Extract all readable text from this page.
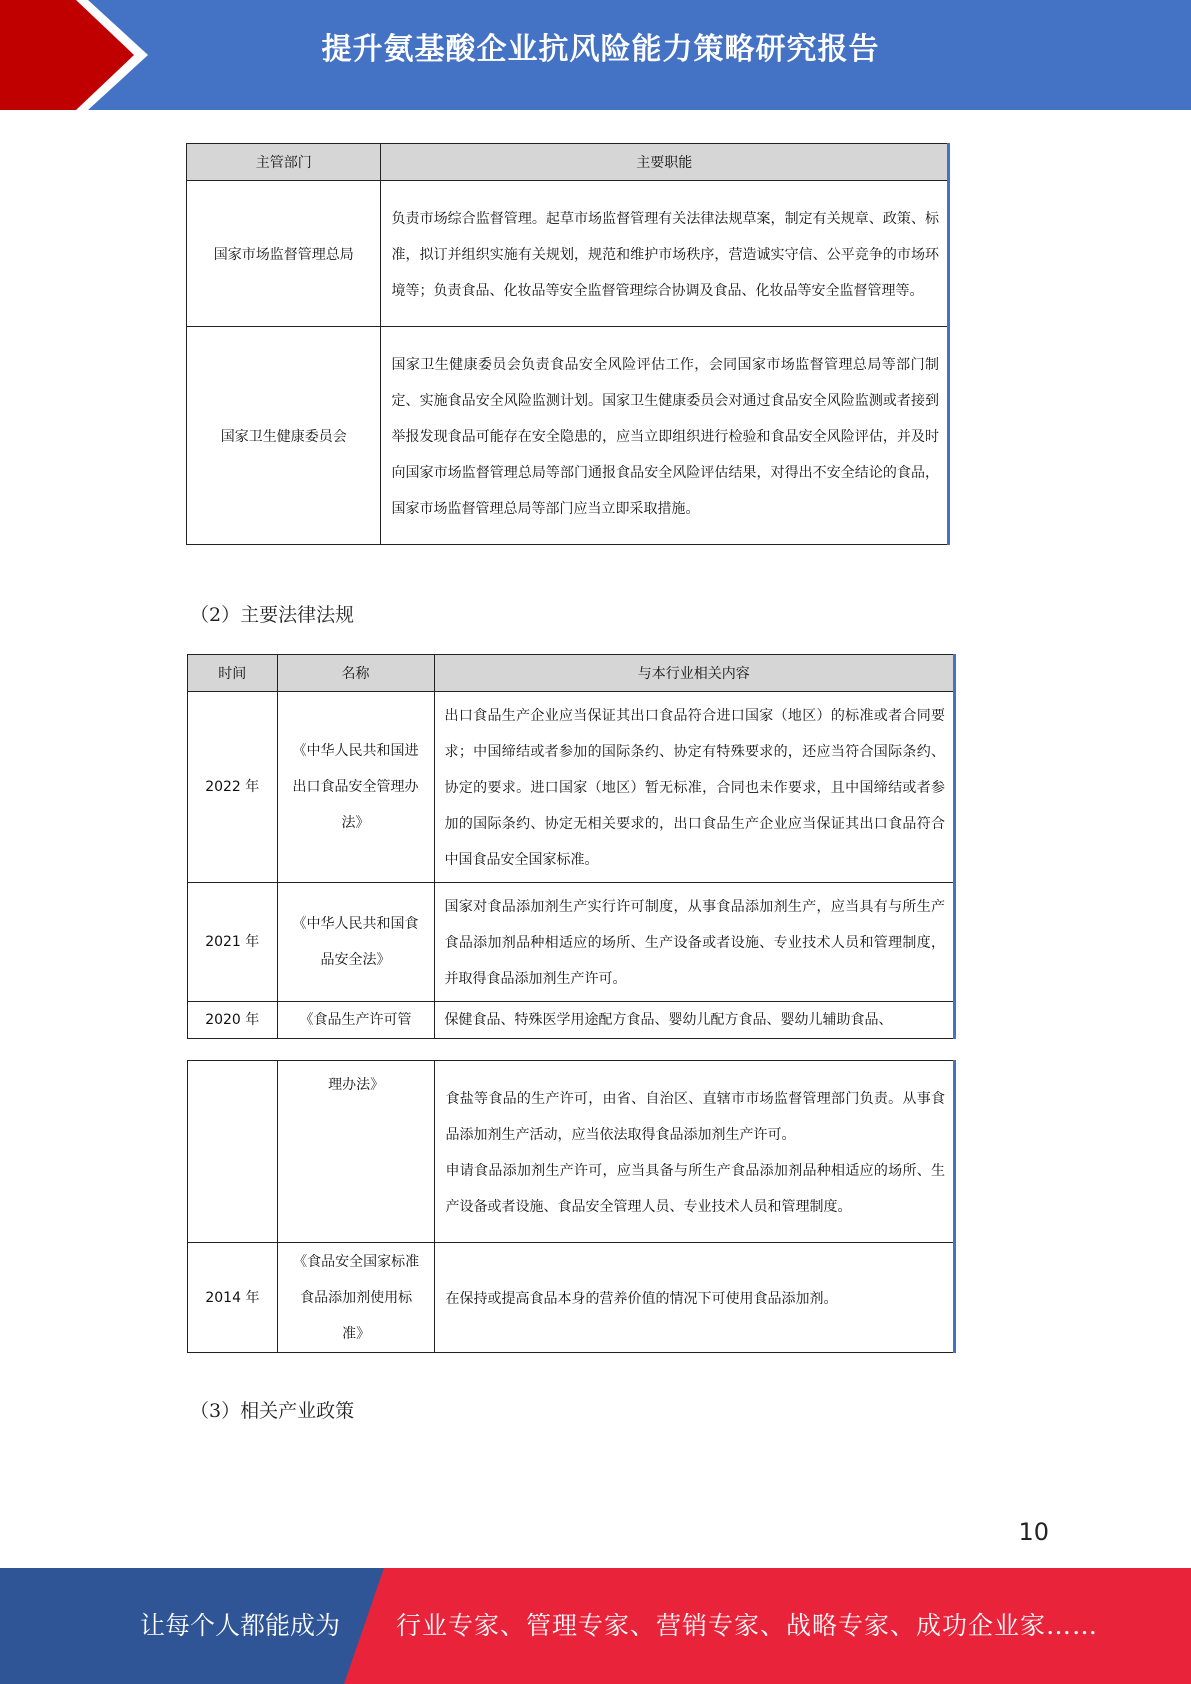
提升氨基酸企业抗风险能力策略研究报告
主管部门	主要职能
国家市场监督管理总局	负责市场综合监督管理。起草市场监督管理有关法律法规草案，制定有关规章、政策、标准，拟订并组织实施有关规划，规范和维护市场秩序，营造诚实守信、公平竞争的市场环境等；负责食品、化妆品等安全监督管理综合协调及食品、化妆品等安全监督管理等。
国家卫生健康委员会	国家卫生健康委员会负责食品安全风险评估工作，会同国家市场监督管理总局等部门制定、实施食品安全风险监测计划。国家卫生健康委员会对通过食品安全风险监测或者接到举报发现食品可能存在安全隐患的，应当立即组织进行检验和食品安全风险评估，并及时向国家市场监督管理总局等部门通报食品安全风险评估结果，对得出不安全结论的食品，国家市场监督管理总局等部门应当立即采取措施。
（2）主要法律法规
时间	名称	与本行业相关内容
2022 年	《中华人民共和国进出口食品安全管理办法》	出口食品生产企业应当保证其出口食品符合进口国家（地区）的标准或者合同要求；中国缔结或者参加的国际条约、协定有特殊要求的，还应当符合国际条约、协定的要求。进口国家（地区）暂无标准，合同也未作要求，且中国缔结或者参加的国际条约、协定无相关要求的，出口食品生产企业应当保证其出口食品符合中国食品安全国家标准。
2021 年	《中华人民共和国食品安全法》	国家对食品添加剂生产实行许可制度，从事食品添加剂生产，应当具有与所生产食品添加剂品种相适应的场所、生产设备或者设施、专业技术人员和管理制度，并取得食品添加剂生产许可。
2020 年	《食品生产许可管	保健食品、特殊医学用途配方食品、婴幼儿配方食品、婴幼儿辅助食品、
	理办法》	食盐等食品的生产许可，由省、自治区、直辖市市场监督管理部门负责。从事食品添加剂生产活动，应当依法取得食品添加剂生产许可。
申请食品添加剂生产许可，应当具备与所生产食品添加剂品种相适应的场所、生产设备或者设施、食品安全管理人员、专业技术人员和管理制度。

2014 年	《食品安全国家标准食品添加剂使用标准》	在保持或提高食品本身的营养价值的情况下可使用食品添加剂。
（3）相关产业政策
10
让每个人都能成为 行业专家、管理专家、营销专家、战略专家、成功企业家……
